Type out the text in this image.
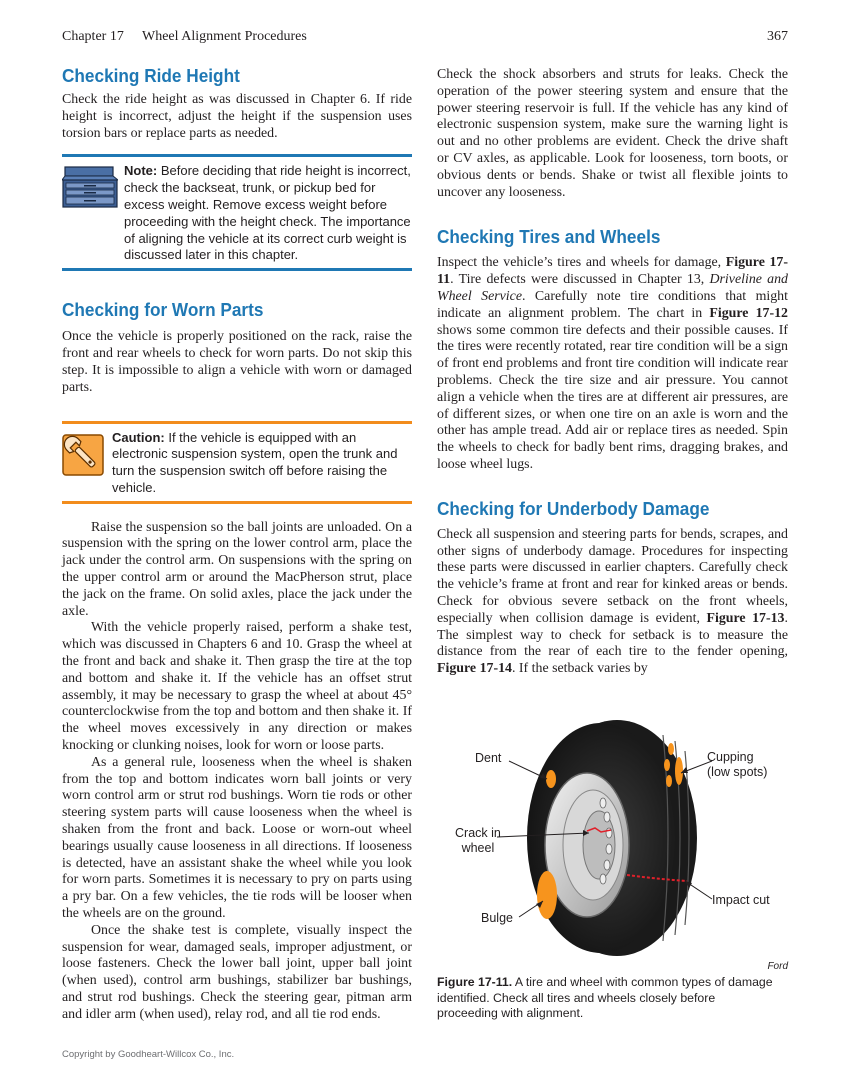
Chapter 17 Wheel Alignment Procedures	367
Checking Ride Height

Check the ride height as was discussed in Chapter 6. If ride height is incorrect, adjust the height if the suspension uses torsion bars or replace parts as needed.

Note: Before deciding that ride height is incorrect, check the backseat, trunk, or pickup bed for excess weight. Remove excess weight before proceeding with the height check. The importance of aligning the vehicle at its correct curb weight is discussed later in this chapter.
Checking for Worn Parts

Once the vehicle is properly positioned on the rack, raise the front and rear wheels to check for worn parts. Do not skip this step. It is impossible to align a vehicle with worn or damaged parts.

Caution: If the vehicle is equipped with an electronic suspension system, open the trunk and turn the suspension switch off before raising the vehicle.

Raise the suspension so the ball joints are unloaded. On a suspension with the spring on the lower control arm, place the jack under the control arm. On suspensions with the spring on the upper control arm or around the MacPherson strut, place the jack on the frame. On solid axles, place the jack under the axle.

With the vehicle properly raised, perform a shake test, which was discussed in Chapters 6 and 10. Grasp the wheel at the front and back and shake it. Then grasp the tire at the top and bottom and shake it. If the vehicle has an offset strut assembly, it may be necessary to grasp the wheel at about 45° counterclockwise from the top and bottom and then shake it. If the wheel moves excessively in any direction or makes knocking or clunking noises, look for worn or loose parts.

As a general rule, looseness when the wheel is shaken from the top and bottom indicates worn ball joints or very worn control arm or strut rod bushings. Worn tie rods or other steering system parts will cause looseness when the wheel is shaken from the front and back. Loose or worn-out wheel bearings usually cause looseness in all directions. If looseness is detected, have an assistant shake the wheel while you look for worn parts. Sometimes it is necessary to pry on parts using a pry bar. On a few vehicles, the tie rods will be looser when the wheels are on the ground.

Once the shake test is complete, visually inspect the suspension for wear, damaged seals, improper adjustment, or loose fasteners. Check the lower ball joint, upper ball joint (when used), control arm bushings, stabilizer bar bushings, and strut rod bushings. Check the steering gear, pitman arm and idler arm (when used), relay rod, and all tie rod ends.

Check the shock absorbers and struts for leaks. Check the operation of the power steering system and ensure that the power steering reservoir is full. If the vehicle has any kind of electronic suspension system, make sure the warning light is out and no other problems are evident. Check the drive shaft or CV axles, as applicable. Look for looseness, torn boots, or obvious dents or bends. Shake or twist all flexible joints to uncover any looseness.

Checking Tires and Wheels

Inspect the vehicle’s tires and wheels for damage, Figure 17-11. Tire defects were discussed in Chapter 13, Driveline and Wheel Service. Carefully note tire conditions that might indicate an alignment problem. The chart in Figure 17-12 shows some common tire defects and their possible causes. If the tires were recently rotated, rear tire condition will be a sign of front end problems and front tire condition will indicate rear problems. Check the tire size and air pressure. You cannot align a vehicle when the tires are at different air pressures, are of different sizes, or when one tire on an axle is worn and the other has ample tread. Add air or replace tires as needed. Spin the wheels to check for badly bent rims, dragging brakes, and loose wheel lugs.

Checking for Underbody Damage

Check all suspension and steering parts for bends, scrapes, and other signs of underbody damage. Procedures for inspecting these parts were discussed in earlier chapters. Carefully check the vehicle’s frame at front and rear for kinked areas or bends. Check for obvious severe setback on the front wheels, especially when collision damage is evident, Figure 17-13. The simplest way to check for setback is to measure the distance from the rear of each tire to the fender opening, Figure 17-14. If the setback varies by

Dent	Cupping
(low spots)
Crack in
wheel
Impact cut
Bulge
Ford
Figure 17-11. A tire and wheel with common types of damage identified. Check all tires and wheels closely before proceeding with alignment.
Copyright by Goodheart-Willcox Co., Inc.
